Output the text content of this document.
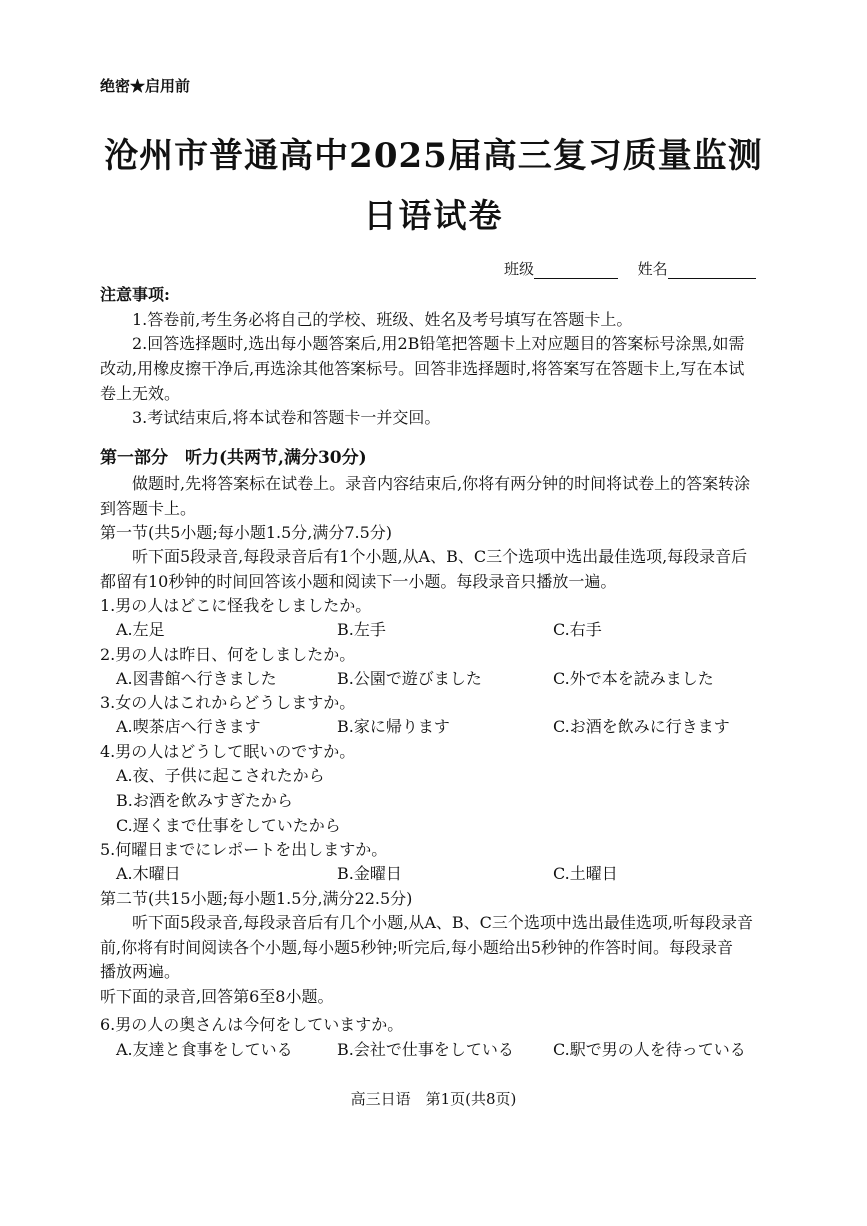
绝密★启用前
沧州市普通高中2025届高三复习质量监测
日语试卷
班级	姓名
注意事项:
1.答卷前,考生务必将自己的学校、班级、姓名及考号填写在答题卡上。
2.回答选择题时,选出每小题答案后,用2B铅笔把答题卡上对应题目的答案标号涂黑,如需
改动,用橡皮擦干净后,再选涂其他答案标号。回答非选择题时,将答案写在答题卡上,写在本试
卷上无效。
3.考试结束后,将本试卷和答题卡一并交回。
第一部分　听力(共两节,满分30分)
做题时,先将答案标在试卷上。录音内容结束后,你将有两分钟的时间将试卷上的答案转涂
到答题卡上。
第一节(共5小题;每小题1.5分,满分7.5分)
听下面5段录音,每段录音后有1个小题,从A、B、C三个选项中选出最佳选项,每段录音后
都留有10秒钟的时间回答该小题和阅读下一小题。每段录音只播放一遍。
1.男の人はどこに怪我をしましたか。
A.左足	B.左手	C.右手
2.男の人は昨日、何をしましたか。
A.図書館へ行きました	B.公園で遊びました	C.外で本を読みました
3.女の人はこれからどうしますか。
A.喫茶店へ行きます	B.家に帰ります	C.お酒を飲みに行きます
4.男の人はどうして眠いのですか。
A.夜、子供に起こされたから
B.お酒を飲みすぎたから
C.遅くまで仕事をしていたから
5.何曜日までにレポートを出しますか。
A.木曜日	B.金曜日	C.土曜日
第二节(共15小题;每小题1.5分,满分22.5分)
听下面5段录音,每段录音后有几个小题,从A、B、C三个选项中选出最佳选项,听每段录音
前,你将有时间阅读各个小题,每小题5秒钟;听完后,每小题给出5秒钟的作答时间。每段录音
播放两遍。
听下面的录音,回答第6至8小题。
6.男の人の奥さんは今何をしていますか。
A.友達と食事をしている	B.会社で仕事をしている C.駅で男の人を待っている
高三日语　第1页(共8页)
